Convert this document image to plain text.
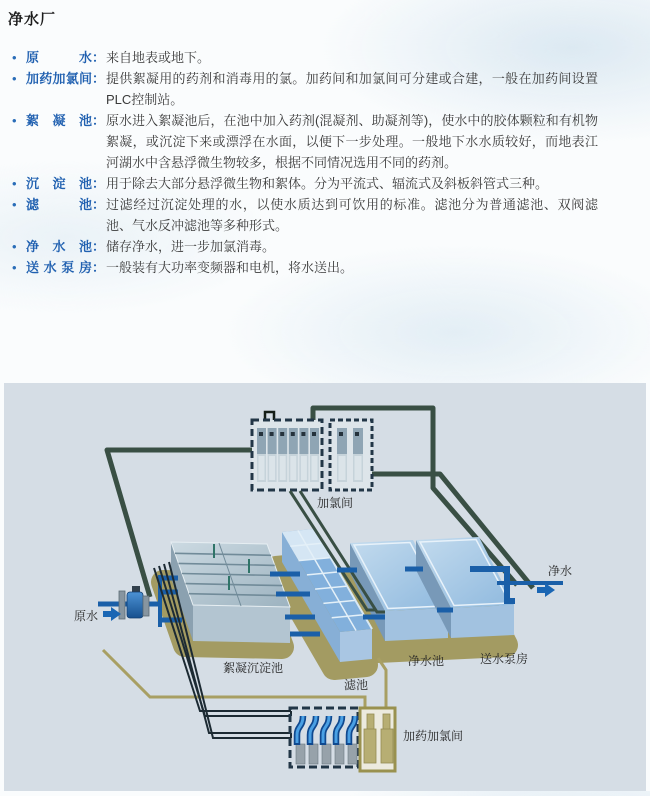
净水厂
• 原水： 来自地表或地下。
• 加药加氯间： 提供絮凝用的药剂和消毒用的氯。加药间和加氯间可分建或合建，一般在加药间设置PLC控制站。
• 絮凝池： 原水进入絮凝池后，在池中加入药剂(混凝剂、助凝剂等)，使水中的胶体颗粒和有机物絮凝，或沉淀下来或漂浮在水面，以便下一步处理。一般地下水水质较好，而地表江河湖水中含悬浮微生物较多，根据不同情况选用不同的药剂。
• 沉淀池： 用于除去大部分悬浮微生物和絮体。分为平流式、辐流式及斜板斜管式三种。
• 滤池： 过滤经过沉淀处理的水，以使水质达到可饮用的标准。滤池分为普通滤池、双阀滤池、气水反冲滤池等多种形式。
• 净水池： 储存净水，进一步加氯消毒。
• 送水泵房： 一般装有大功率变频器和电机，将水送出。
加氯间
原水
絮凝沉淀池
滤池
净水池	送水泵房
净水
加药加氯间
